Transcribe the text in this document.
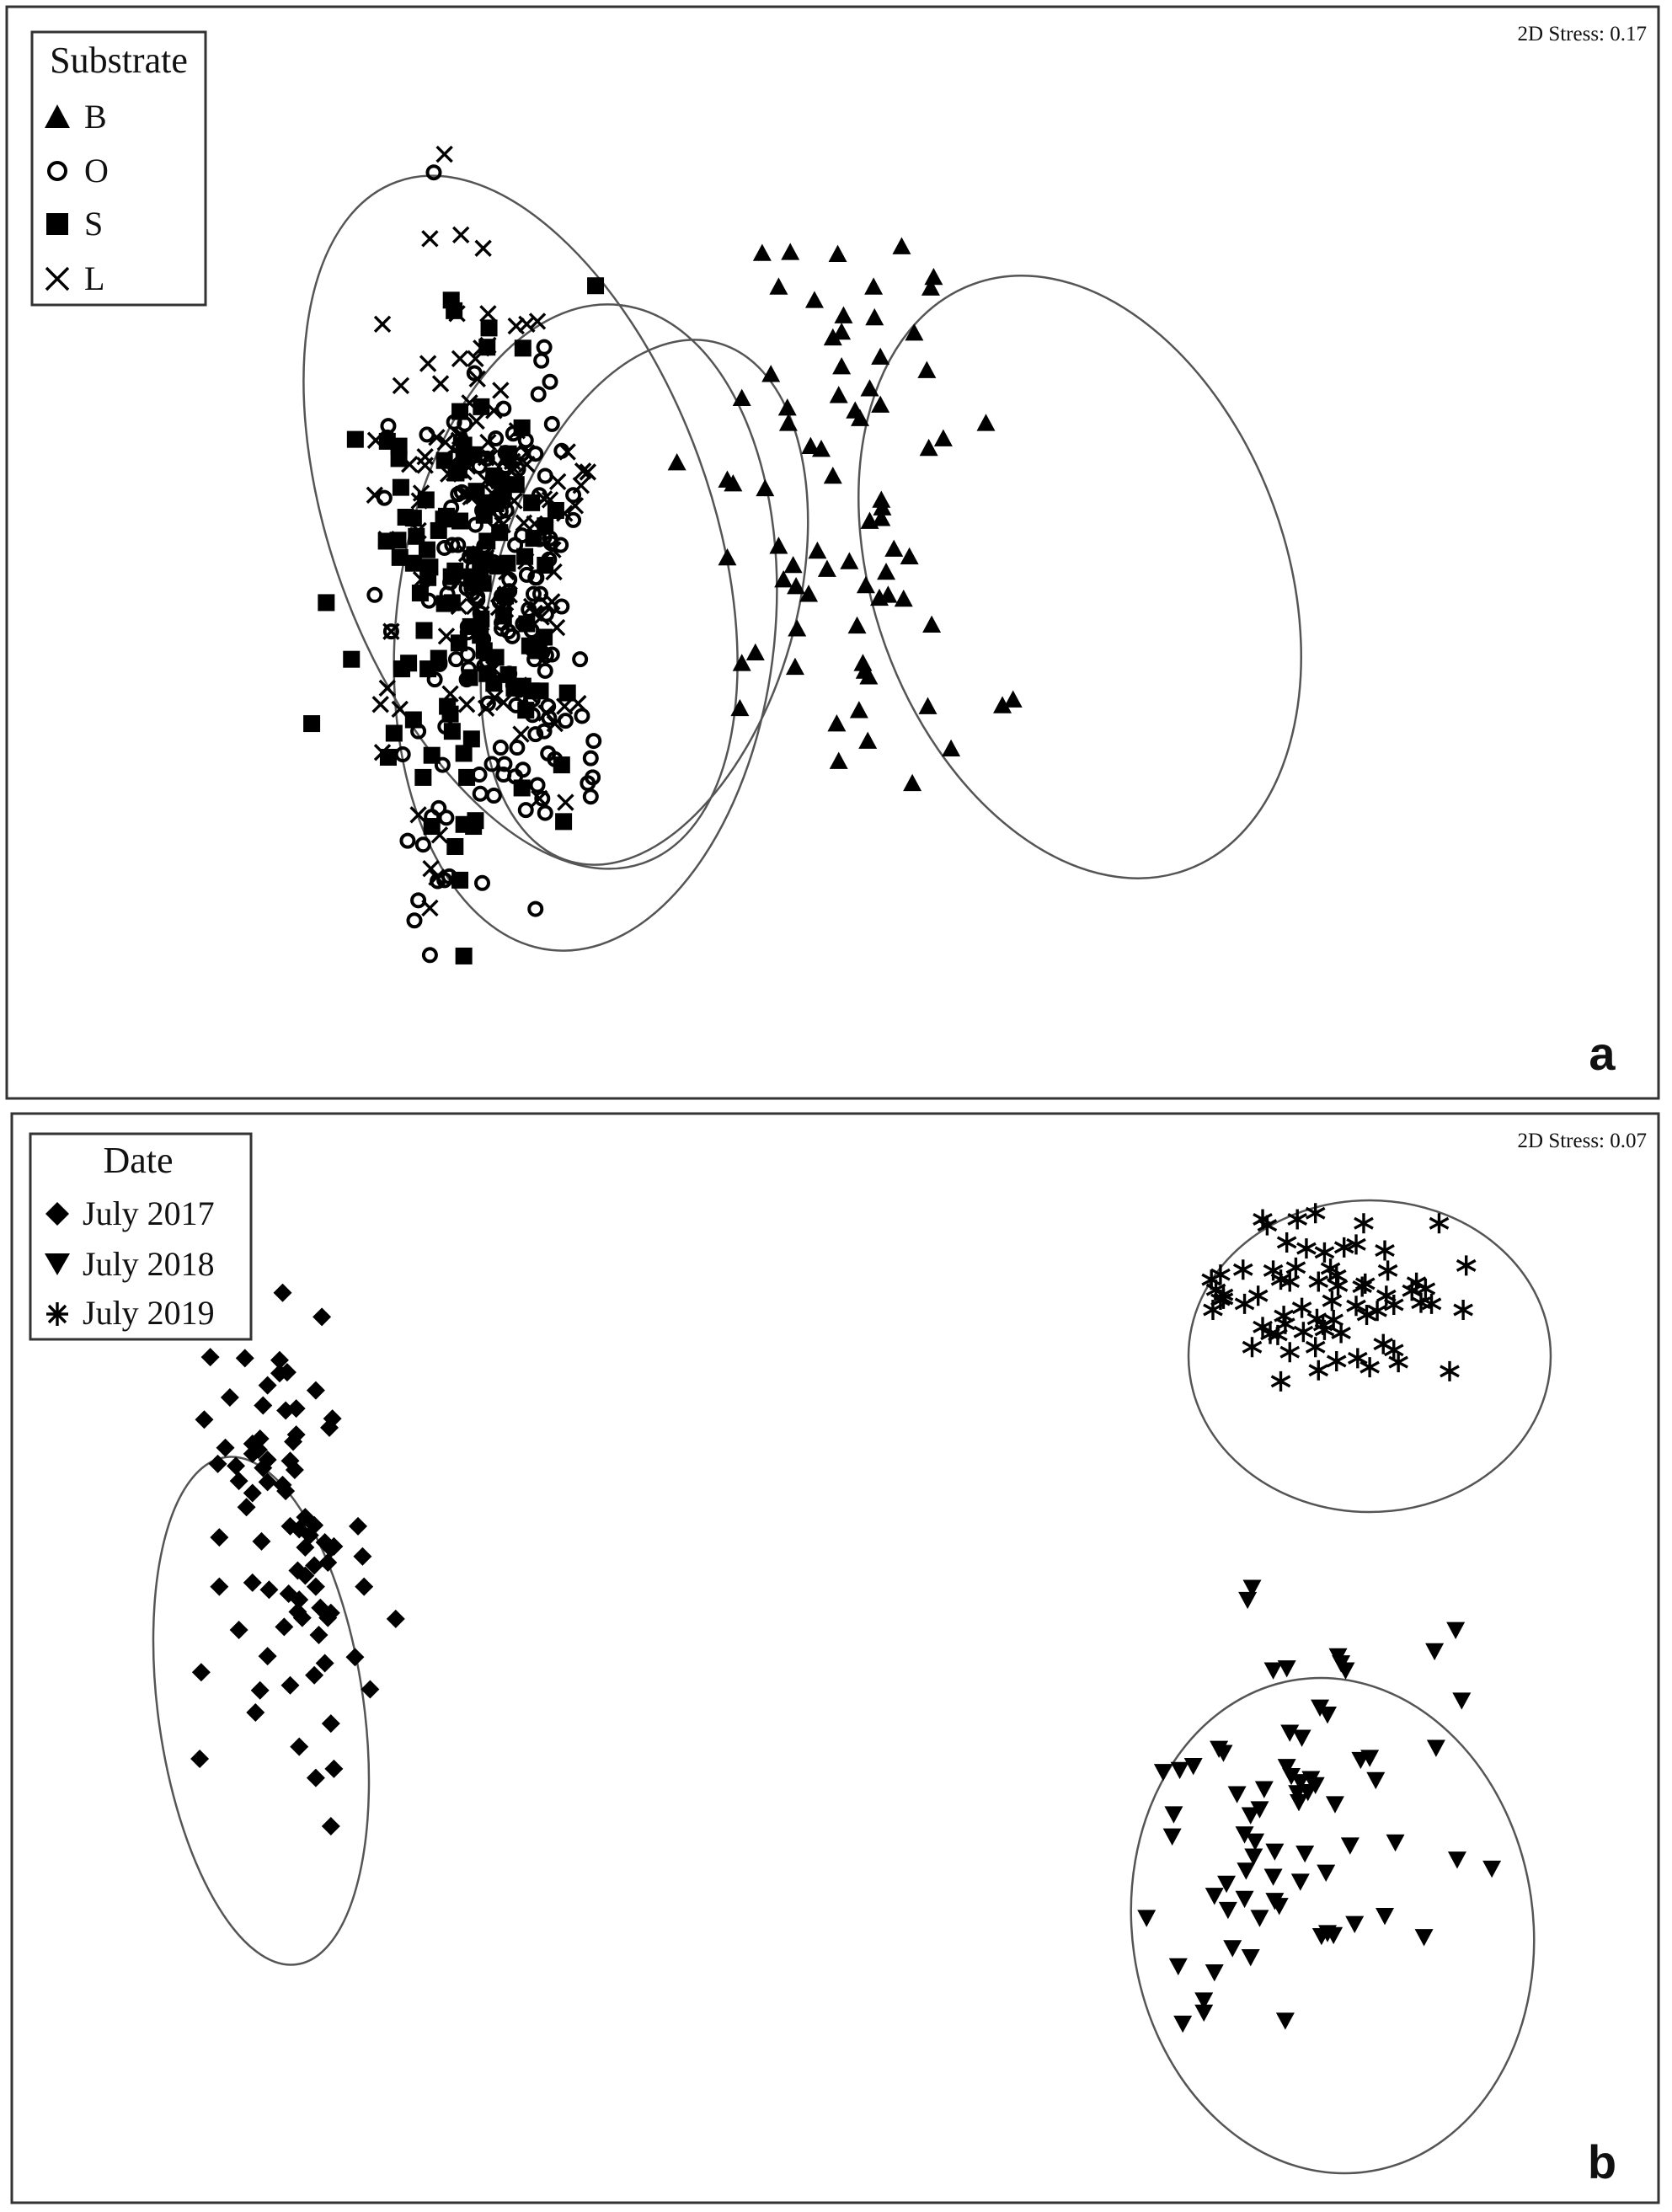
2D Stress: 0.17
Substrate
B
O
S
L
a
2D Stress: 0.07
Date
July 2017
July 2018
July 2019
b
